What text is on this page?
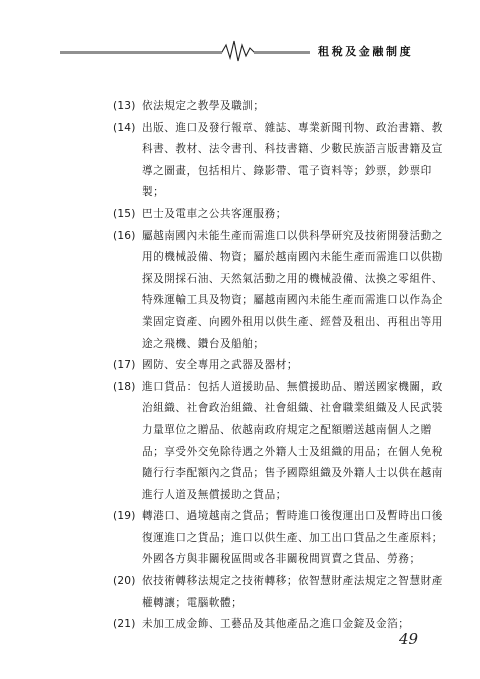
租稅及金融制度
(13) 依法規定之教學及職訓；
(14) 出版、進口及發行報章、雜誌、專業新聞刊物、政治書籍、教
科書、教材、法令書刊、科技書籍、少數民族語言版書籍及宣
導之圖畫，包括相片、錄影帶、電子資料等；鈔票，鈔票印
製；
(15) 巴士及電車之公共客運服務；
(16) 屬越南國內未能生產而需進口以供科學研究及技術開發活動之
用的機械設備、物資；屬於越南國內未能生產而需進口以供勘
探及開採石油、天然氣活動之用的機械設備、汰換之零組件、
特殊運輸工具及物資；屬越南國內未能生產而需進口以作為企
業固定資產、向國外租用以供生產、經營及租出、再租出等用
途之飛機、鑽台及船舶；
(17) 國防、安全專用之武器及器材；
(18) 進口貨品：包括人道援助品、無償援助品、贈送國家機關，政
治組織、社會政治組織、社會組織、社會職業組織及人民武裝
力量單位之贈品、依越南政府規定之配額贈送越南個人之贈
品；享受外交免除待遇之外籍人士及組織的用品；在個人免稅
隨行行李配額內之貨品；售予國際組織及外籍人士以供在越南
進行人道及無償援助之貨品；
(19) 轉港口、過境越南之貨品；暫時進口後復運出口及暫時出口後
復運進口之貨品；進口以供生產、加工出口貨品之生產原料；
外國各方與非關稅區間或各非關稅間買賣之貨品、勞務；
(20) 依技術轉移法規定之技術轉移；依智慧財產法規定之智慧財產
權轉讓；電腦軟體；
(21) 未加工成金飾、工藝品及其他產品之進口金錠及金箔；
49
